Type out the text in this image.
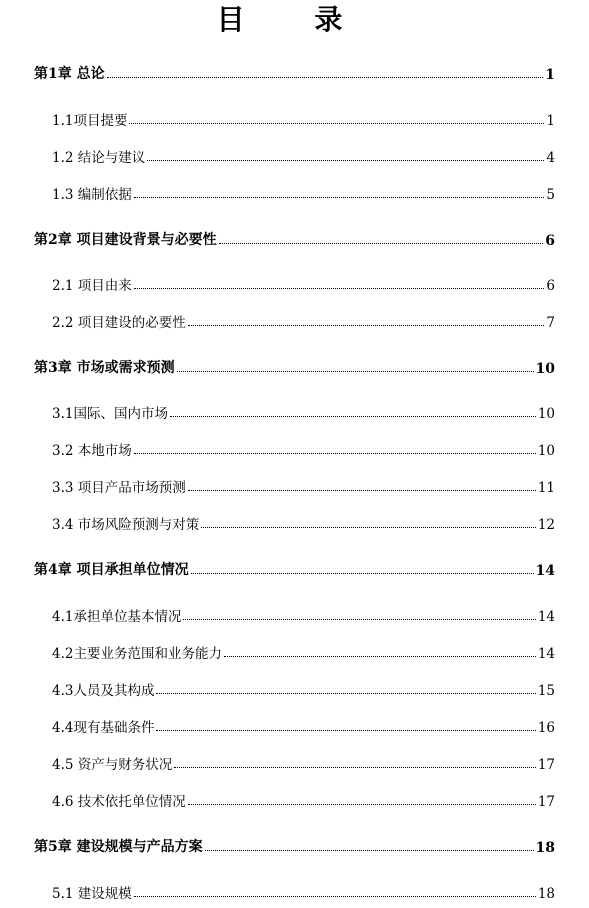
目 录
第1章 总论	1
1.1项目提要	1
1.2 结论与建议	4
1.3 编制依据	5
第2章 项目建设背景与必要性	6
2.1 项目由来	6
2.2 项目建设的必要性	7
第3章 市场或需求预测	10
3.1国际、国内市场	10
3.2 本地市场	10
3.3 项目产品市场预测	11
3.4 市场风险预测与对策	12
第4章 项目承担单位情况	14
4.1承担单位基本情况	14
4.2主要业务范围和业务能力	14
4.3人员及其构成	15
4.4现有基础条件	16
4.5 资产与财务状况	17
4.6 技术依托单位情况	17
第5章 建设规模与产品方案	18
5.1 建设规模	18
